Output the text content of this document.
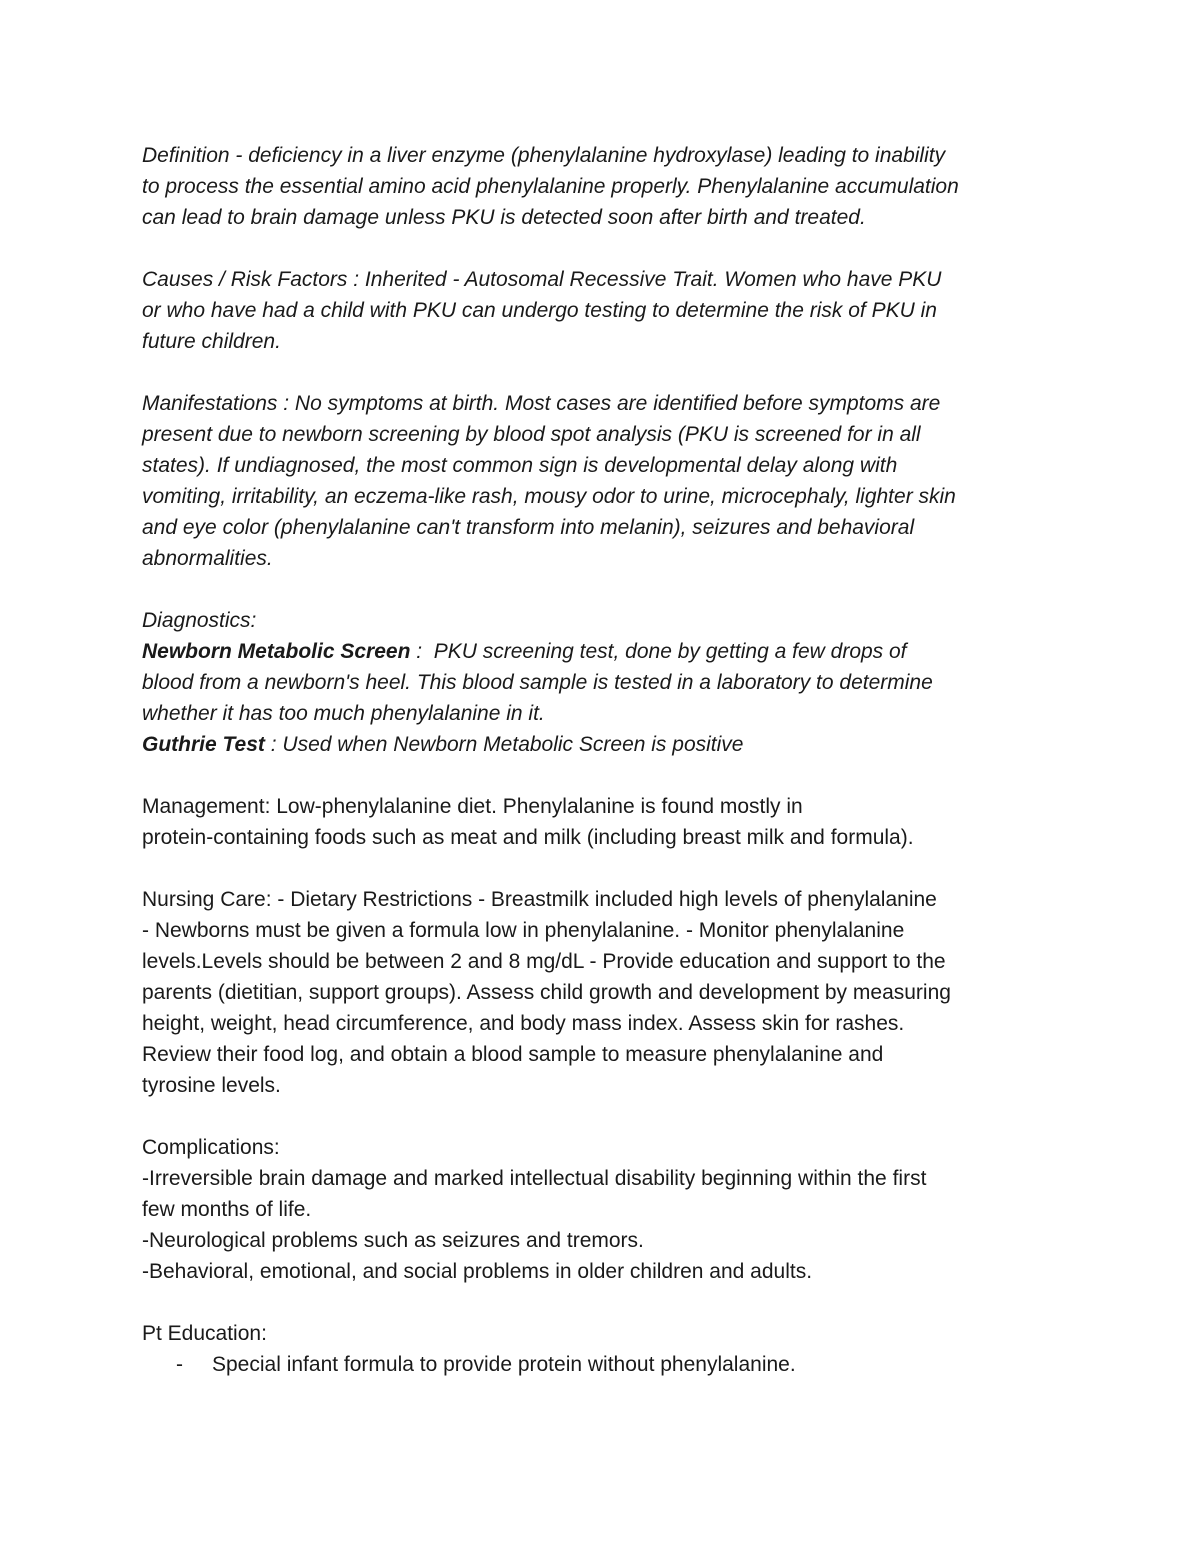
Definition - deficiency in a liver enzyme (phenylalanine hydroxylase) leading to inability
to process the essential amino acid phenylalanine properly. Phenylalanine accumulation
can lead to brain damage unless PKU is detected soon after birth and treated.

Causes / Risk Factors : Inherited - Autosomal Recessive Trait. Women who have PKU
or who have had a child with PKU can undergo testing to determine the risk of PKU in
future children.

Manifestations : No symptoms at birth. Most cases are identified before symptoms are
present due to newborn screening by blood spot analysis (PKU is screened for in all
states). If undiagnosed, the most common sign is developmental delay along with
vomiting, irritability, an eczema-like rash, mousy odor to urine, microcephaly, lighter skin
and eye color (phenylalanine can't transform into melanin), seizures and behavioral
abnormalities.

Diagnostics:
Newborn Metabolic Screen :  PKU screening test, done by getting a few drops of
blood from a newborn's heel. This blood sample is tested in a laboratory to determine
whether it has too much phenylalanine in it.
Guthrie Test : Used when Newborn Metabolic Screen is positive

Management: Low-phenylalanine diet. Phenylalanine is found mostly in
protein-containing foods such as meat and milk (including breast milk and formula).

Nursing Care: - Dietary Restrictions - Breastmilk included high levels of phenylalanine
- Newborns must be given a formula low in phenylalanine. - Monitor phenylalanine
levels.Levels should be between 2 and 8 mg/dL - Provide education and support to the
parents (dietitian, support groups). Assess child growth and development by measuring
height, weight, head circumference, and body mass index. Assess skin for rashes.
Review their food log, and obtain a blood sample to measure phenylalanine and
tyrosine levels.

Complications:
-Irreversible brain damage and marked intellectual disability beginning within the first
few months of life.
-Neurological problems such as seizures and tremors.
-Behavioral, emotional, and social problems in older children and adults.
Pt Education:
- Special infant formula to provide protein without phenylalanine.
